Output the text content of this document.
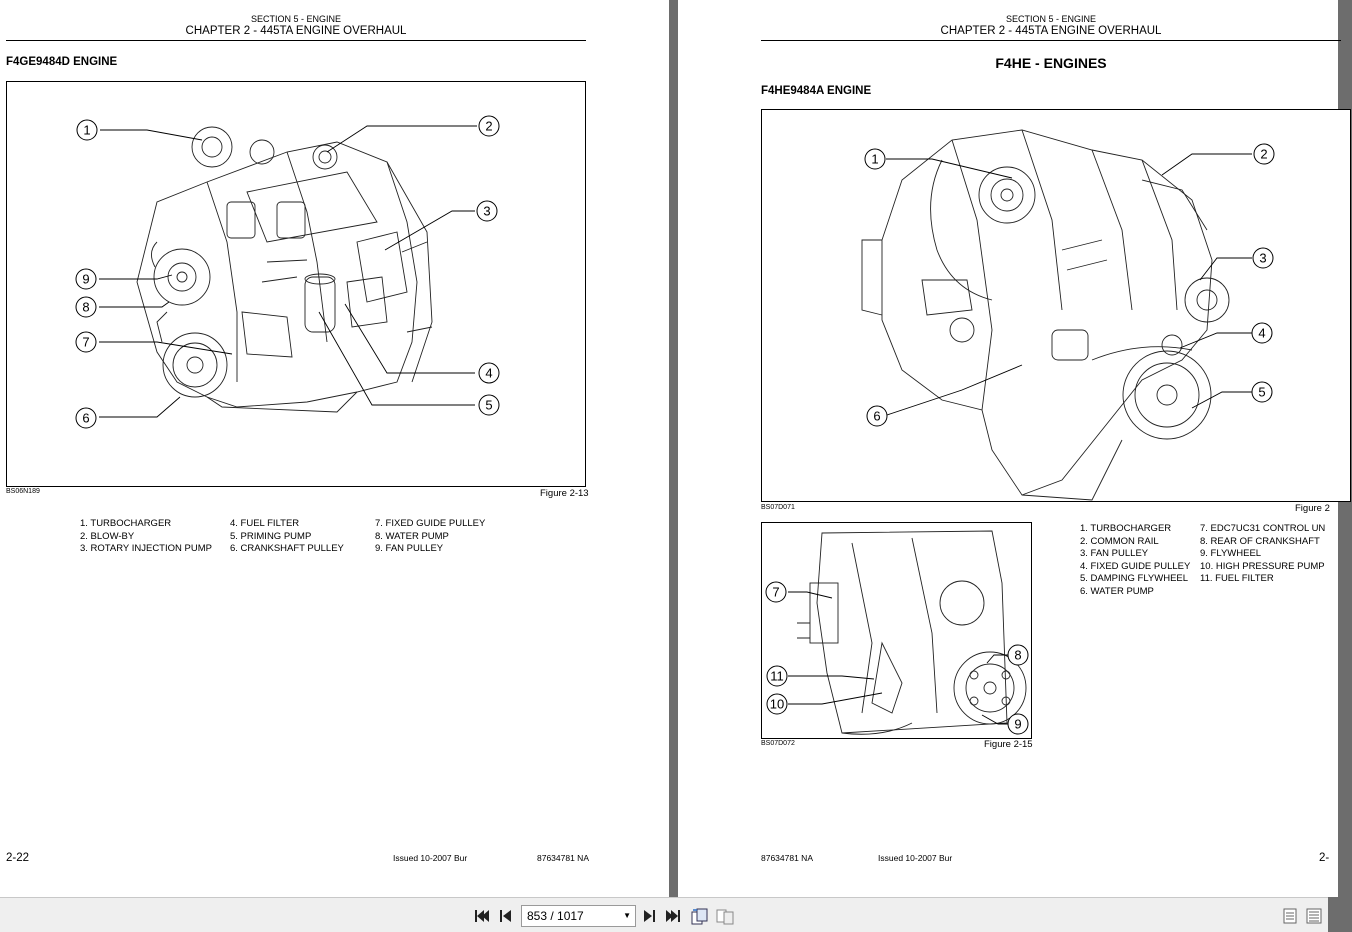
SECTION 5 - ENGINE
CHAPTER 2 - 445TA ENGINE OVERHAUL
F4GE9484D ENGINE
1	2
3
9
8
7
4
5
6
BS06N189	Figure 2-13
1. TURBOCHARGER
2. BLOW-BY
3. ROTARY INJECTION PUMP
4. FUEL FILTER
5. PRIMING PUMP
6. CRANKSHAFT PULLEY
7. FIXED GUIDE PULLEY
8. WATER PUMP
9. FAN PULLEY
2-22	Issued 10-2007 Bur	87634781 NA
SECTION 5 - ENGINE
CHAPTER 2 - 445TA ENGINE OVERHAUL
F4HE - ENGINES
F4HE9484A ENGINE
1	2
3
4
5
6
BS07D071	Figure 2
7
8
9
11
10
BS07D072	Figure 2-15
1. TURBOCHARGER
2. COMMON RAIL
3. FAN PULLEY
4. FIXED GUIDE PULLEY
5. DAMPING FLYWHEEL
6. WATER PUMP
7. EDC7UC31 CONTROL UN
8. REAR OF CRANKSHAFT
9. FLYWHEEL
10. HIGH PRESSURE PUMP
11. FUEL FILTER
87634781 NA	Issued 10-2007 Bur	2-
853 / 1017	▼
